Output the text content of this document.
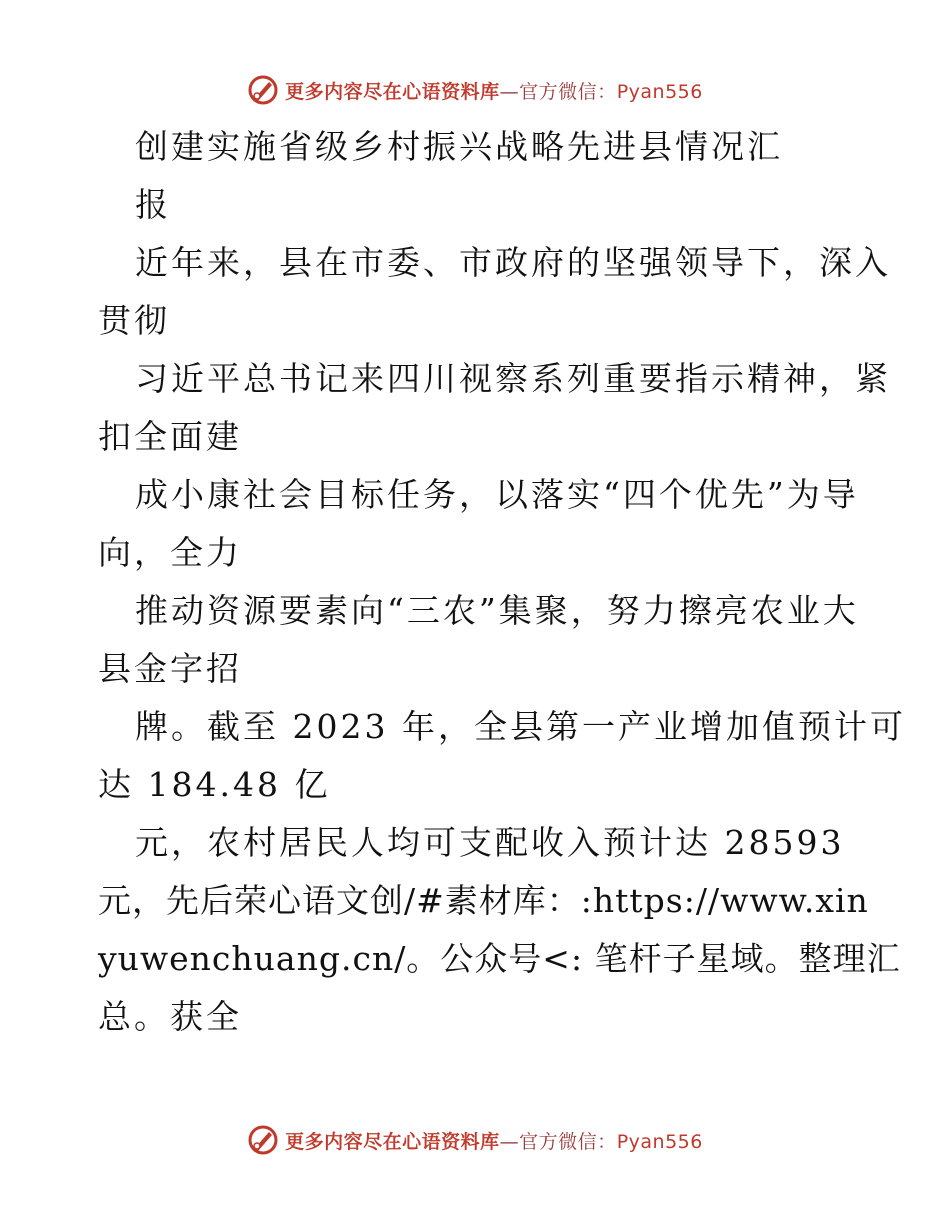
更多内容尽在心语资料库—官方微信：Pyan556
创建实施省级乡村振兴战略先进县情况汇
报
近年来，县在市委、市政府的坚强领导下，深入
贯彻
习近平总书记来四川视察系列重要指示精神，紧
扣全面建
成小康社会目标任务，以落实“四个优先”为导
向，全力
推动资源要素向“三农”集聚，努力擦亮农业大
县金字招
牌。截至 2023 年，全县第一产业增加值预计可
达 184.48 亿
元，农村居民人均可支配收入预计达 28593
元，先后荣心语文创/#素材库：:https://www.xin
yuwenchuang.cn/。公众号<: 笔杆子星域。整理汇
总。获全
更多内容尽在心语资料库—官方微信：Pyan556
